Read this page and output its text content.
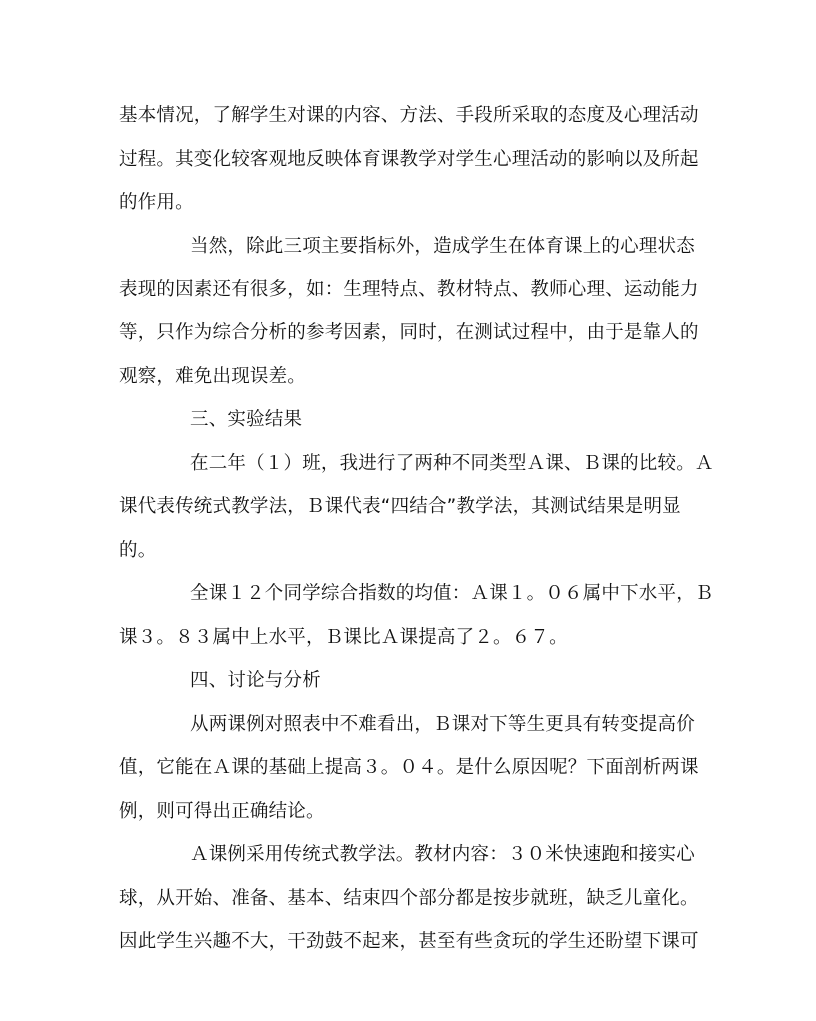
基本情况，了解学生对课的内容、方法、手段所采取的态度及心理活动
过程。其变化较客观地反映体育课教学对学生心理活动的影响以及所起
的作用。
当然，除此三项主要指标外，造成学生在体育课上的心理状态
表现的因素还有很多，如：生理特点、教材特点、教师心理、运动能力
等，只作为综合分析的参考因素，同时，在测试过程中，由于是靠人的
观察，难免出现误差。
三、实验结果
在二年（１）班，我进行了两种不同类型Ａ课、Ｂ课的比较。Ａ
课代表传统式教学法，Ｂ课代表“四结合”教学法，其测试结果是明显
的。
全课１２个同学综合指数的均值：Ａ课１。０６属中下水平，Ｂ
课３。８３属中上水平，Ｂ课比Ａ课提高了２。６７。
四、讨论与分析
从两课例对照表中不难看出，Ｂ课对下等生更具有转变提高价
值，它能在Ａ课的基础上提高３。０４。是什么原因呢？下面剖析两课
例，则可得出正确结论。
Ａ课例采用传统式教学法。教材内容：３０米快速跑和接实心
球，从开始、准备、基本、结束四个部分都是按步就班，缺乏儿童化。
因此学生兴趣不大，干劲鼓不起来，甚至有些贪玩的学生还盼望下课可
